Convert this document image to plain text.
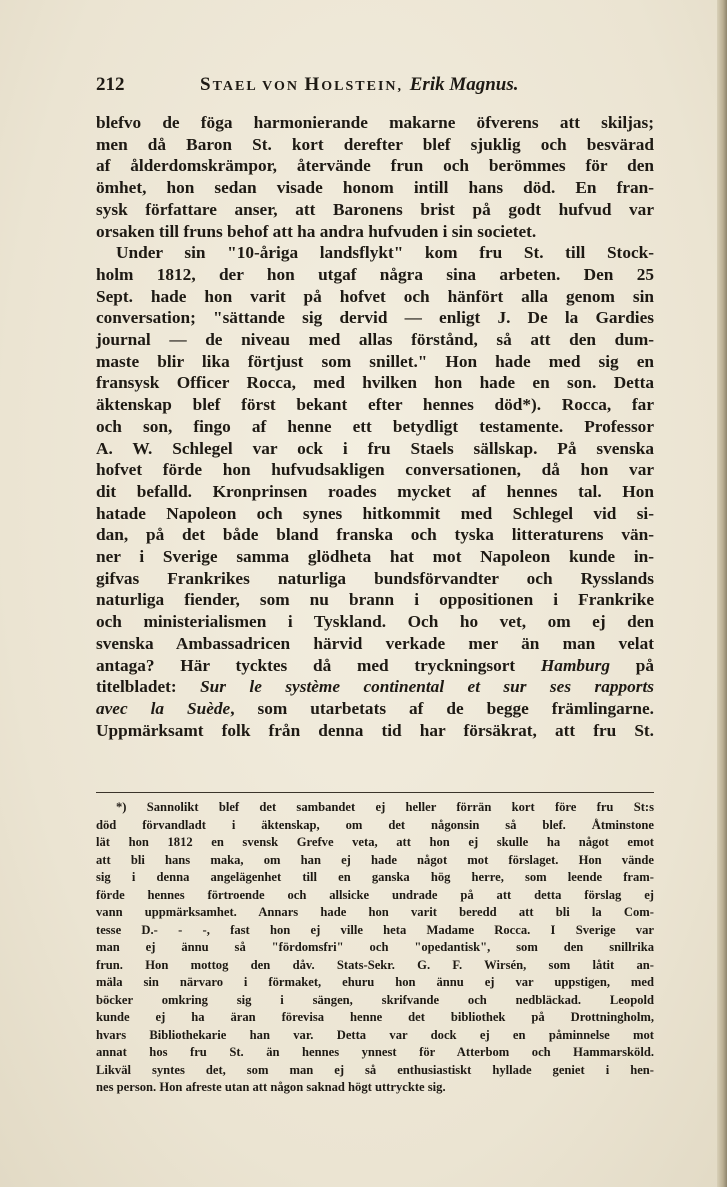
212	STAEL VON HOLSTEIN, Erik Magnus.
blefvo de föga harmonierande makarne öfverens att skiljas;
men då Baron St. kort derefter blef sjuklig och besvärad
af ålderdomskrämpor, återvände frun och berömmes för den
ömhet, hon sedan visade honom intill hans död. En fran-
sysk författare anser, att Baronens brist på godt hufvud var
orsaken till fruns behof att ha andra hufvuden i sin societet.
Under sin "10-åriga landsflykt" kom fru St. till Stock-
holm 1812, der hon utgaf några sina arbeten. Den 25
Sept. hade hon varit på hofvet och hänfört alla genom sin
conversation; "sättande sig dervid — enligt J. De la Gardies
journal — de niveau med allas förstånd, så att den dum-
maste blir lika förtjust som snillet." Hon hade med sig en
fransysk Officer Rocca, med hvilken hon hade en son. Detta
äktenskap blef först bekant efter hennes död*). Rocca, far
och son, fingo af henne ett betydligt testamente. Professor
A. W. Schlegel var ock i fru Staels sällskap. På svenska
hofvet förde hon hufvudsakligen conversationen, då hon var
dit befalld. Kronprinsen roades mycket af hennes tal. Hon
hatade Napoleon och synes hitkommit med Schlegel vid si-
dan, på det både bland franska och tyska litteraturens vän-
ner i Sverige samma glödheta hat mot Napoleon kunde in-
gifvas Frankrikes naturliga bundsförvandter och Rysslands
naturliga fiender, som nu brann i oppositionen i Frankrike
och ministerialismen i Tyskland. Och ho vet, om ej den
svenska Ambassadricen härvid verkade mer än man velat
antaga? Här tycktes då med tryckningsort Hamburg på
titelbladet: Sur le système continental et sur ses rapports
avec la Suède, som utarbetats af de begge främlingarne.
Uppmärksamt folk från denna tid har försäkrat, att fru St.
*) Sannolikt blef det sambandet ej heller förrän kort före fru St:s
död förvandladt i äktenskap, om det någonsin så blef. Åtminstone
lät hon 1812 en svensk Grefve veta, att hon ej skulle ha något emot
att bli hans maka, om han ej hade något mot förslaget. Hon vände
sig i denna angelägenhet till en ganska hög herre, som leende fram-
förde hennes förtroende och allsicke undrade på att detta förslag ej
vann uppmärksamhet. Annars hade hon varit beredd att bli la Com-
tesse D.- - -, fast hon ej ville heta Madame Rocca. I Sverige var
man ej ännu så "fördomsfri" och "opedantisk", som den snillrika
frun. Hon mottog den dåv. Stats-Sekr. G. F. Wirsén, som låtit an-
mäla sin närvaro i förmaket, ehuru hon ännu ej var uppstigen, med
böcker omkring sig i sängen, skrifvande och nedbläckad. Leopold
kunde ej ha äran förevisa henne det bibliothek på Drottningholm,
hvars Bibliothekarie han var. Detta var dock ej en påminnelse mot
annat hos fru St. än hennes ynnest för Atterbom och Hammarsköld.
Likväl syntes det, som man ej så enthusiastiskt hyllade geniet i hen-
nes person. Hon afreste utan att någon saknad högt uttryckte sig.
